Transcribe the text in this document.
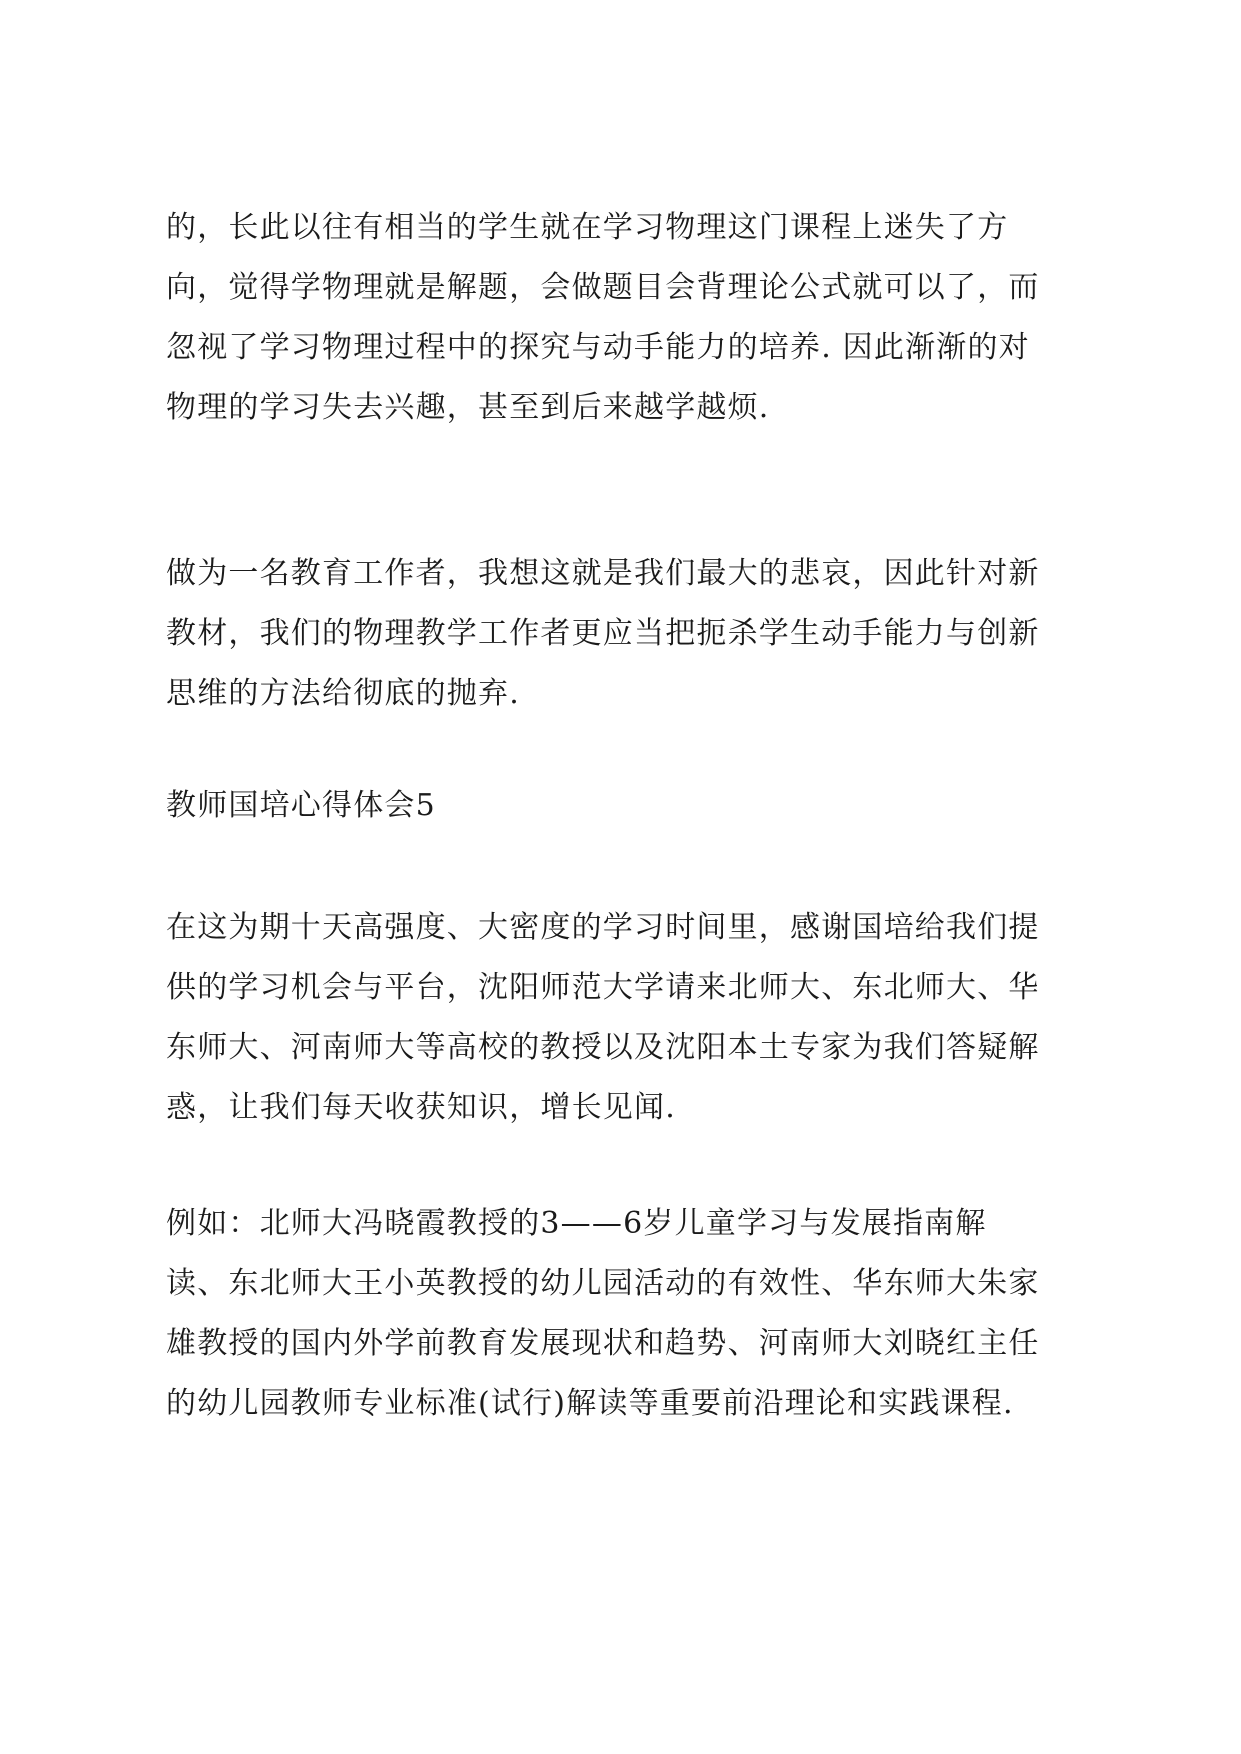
的，长此以往有相当的学生就在学习物理这门课程上迷失了方
向，觉得学物理就是解题，会做题目会背理论公式就可以了，而
忽视了学习物理过程中的探究与动手能力的培养. 因此渐渐的对
物理的学习失去兴趣，甚至到后来越学越烦.
做为一名教育工作者，我想这就是我们最大的悲哀，因此针对新
教材，我们的物理教学工作者更应当把扼杀学生动手能力与创新
思维的方法给彻底的抛弃.
教师国培心得体会5
在这为期十天高强度、大密度的学习时间里，感谢国培给我们提
供的学习机会与平台，沈阳师范大学请来北师大、东北师大、华
东师大、河南师大等高校的教授以及沈阳本土专家为我们答疑解
惑，让我们每天收获知识，增长见闻.
例如：北师大冯晓霞教授的3——6岁儿童学习与发展指南解
读、东北师大王小英教授的幼儿园活动的有效性、华东师大朱家
雄教授的国内外学前教育发展现状和趋势、河南师大刘晓红主任
的幼儿园教师专业标准(试行)解读等重要前沿理论和实践课程.
